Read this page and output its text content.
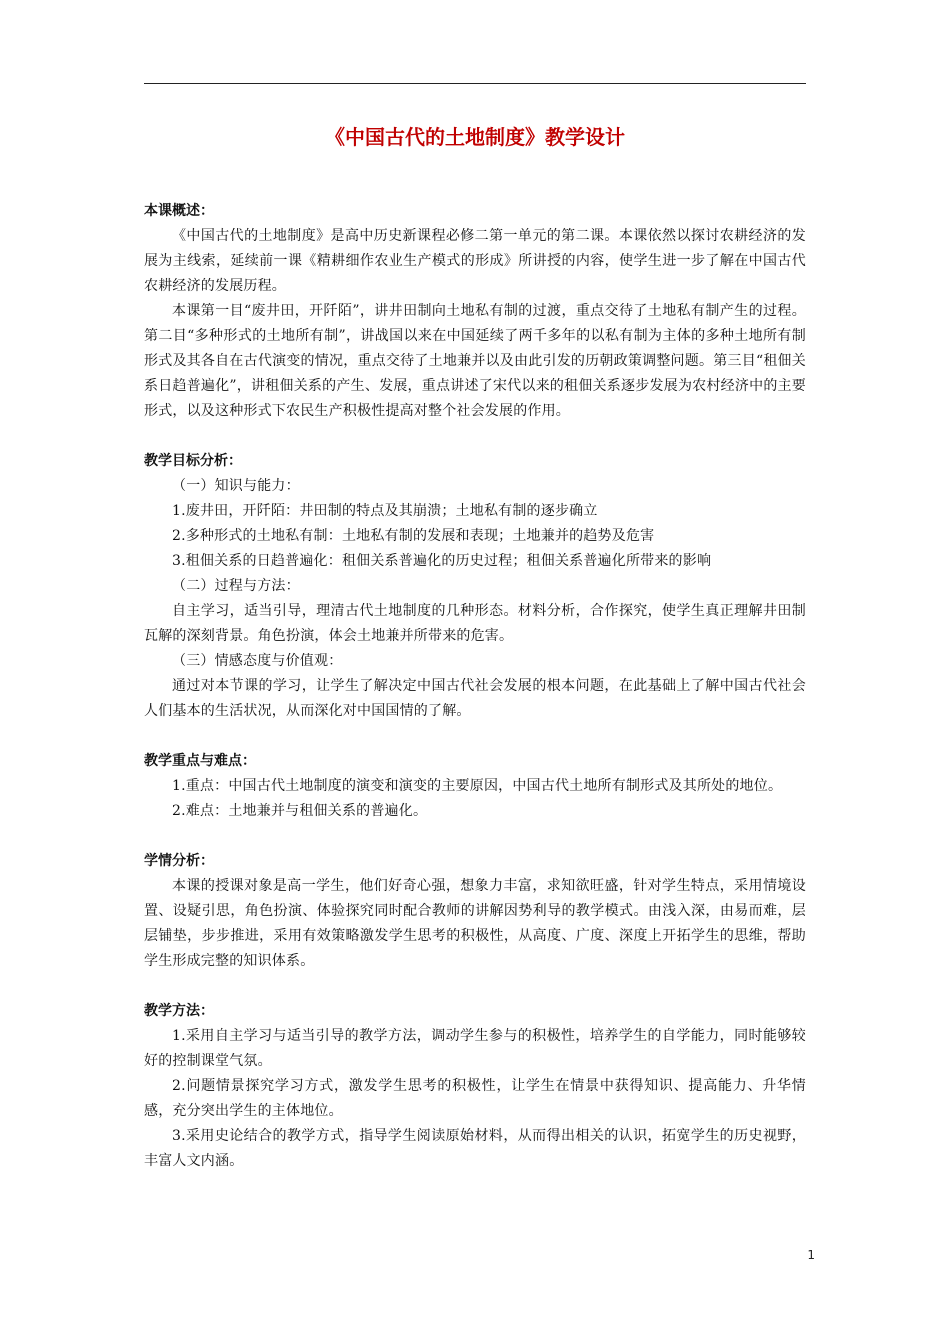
《中国古代的土地制度》教学设计

本课概述：

《中国古代的土地制度》是高中历史新课程必修二第一单元的第二课。本课依然以探讨农耕经济的发展为主线索，延续前一课《精耕细作农业生产模式的形成》所讲授的内容，使学生进一步了解在中国古代农耕经济的发展历程。

本课第一目“废井田，开阡陌”，讲井田制向土地私有制的过渡，重点交待了土地私有制产生的过程。第二目“多种形式的土地所有制”，讲战国以来在中国延续了两千多年的以私有制为主体的多种土地所有制形式及其各自在古代演变的情况，重点交待了土地兼并以及由此引发的历朝政策调整问题。第三目“租佃关系日趋普遍化”，讲租佃关系的产生、发展，重点讲述了宋代以来的租佃关系逐步发展为农村经济中的主要形式，以及这种形式下农民生产积极性提高对整个社会发展的作用。

教学目标分析：

（一）知识与能力：

1.废井田，开阡陌：井田制的特点及其崩溃；土地私有制的逐步确立

2.多种形式的土地私有制：土地私有制的发展和表现；土地兼并的趋势及危害

3.租佃关系的日趋普遍化：租佃关系普遍化的历史过程；租佃关系普遍化所带来的影响

（二）过程与方法：

自主学习，适当引导，理清古代土地制度的几种形态。材料分析，合作探究，使学生真正理解井田制瓦解的深刻背景。角色扮演，体会土地兼并所带来的危害。

（三）情感态度与价值观：

通过对本节课的学习，让学生了解决定中国古代社会发展的根本问题，在此基础上了解中国古代社会人们基本的生活状况，从而深化对中国国情的了解。

教学重点与难点：

1.重点：中国古代土地制度的演变和演变的主要原因，中国古代土地所有制形式及其所处的地位。

2.难点：土地兼并与租佃关系的普遍化。

学情分析：

本课的授课对象是高一学生，他们好奇心强，想象力丰富，求知欲旺盛，针对学生特点，采用情境设置、设疑引思，角色扮演、体验探究同时配合教师的讲解因势利导的教学模式。由浅入深，由易而难，层层铺垫，步步推进，采用有效策略激发学生思考的积极性，从高度、广度、深度上开拓学生的思维，帮助学生形成完整的知识体系。

教学方法：

1.采用自主学习与适当引导的教学方法，调动学生参与的积极性，培养学生的自学能力，同时能够较好的控制课堂气氛。

2.问题情景探究学习方式，激发学生思考的积极性，让学生在情景中获得知识、提高能力、升华情感，充分突出学生的主体地位。

3.采用史论结合的教学方式，指导学生阅读原始材料，从而得出相关的认识，拓宽学生的历史视野，丰富人文内涵。

1
